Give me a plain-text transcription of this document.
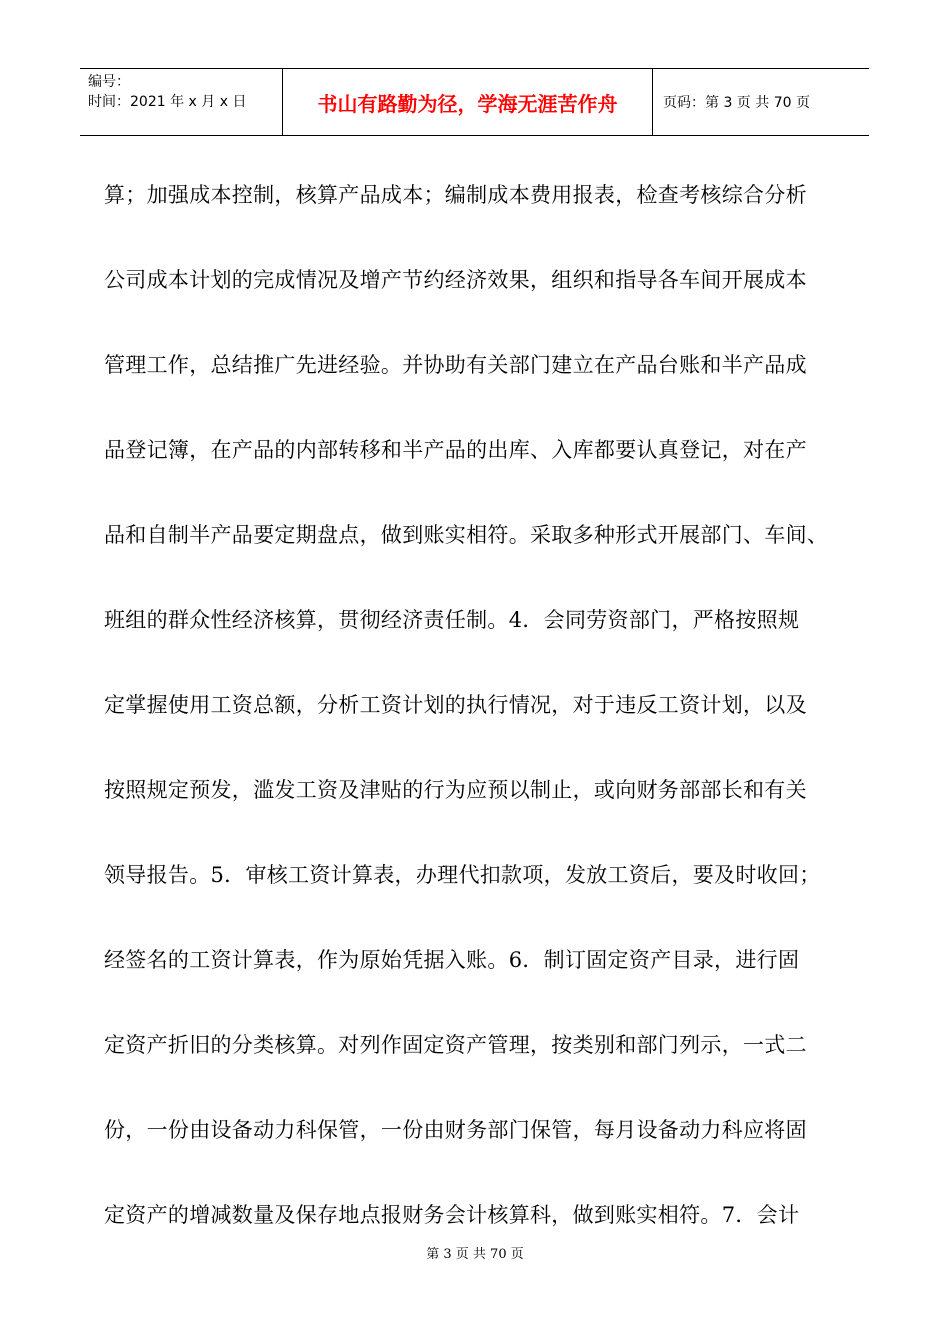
编号：
时间：2021 年 x 月 x 日	书山有路勤为径，学海无涯苦作舟	页码：第 3 页 共 70 页
算；加强成本控制，核算产品成本；编制成本费用报表，检查考核综合分析
公司成本计划的完成情况及增产节约经济效果，组织和指导各车间开展成本
管理工作，总结推广先进经验。并协助有关部门建立在产品台账和半产品成
品登记簿，在产品的内部转移和半产品的出库、入库都要认真登记，对在产
品和自制半产品要定期盘点，做到账实相符。采取多种形式开展部门、车间、
班组的群众性经济核算，贯彻经济责任制。4．会同劳资部门，严格按照规
定掌握使用工资总额，分析工资计划的执行情况，对于违反工资计划，以及
按照规定预发，滥发工资及津贴的行为应预以制止，或向财务部部长和有关
领导报告。5．审核工资计算表，办理代扣款项，发放工资后，要及时收回；
经签名的工资计算表，作为原始凭据入账。6．制订固定资产目录，进行固
定资产折旧的分类核算。对列作固定资产管理，按类别和部门列示，一式二
份，一份由设备动力科保管，一份由财务部门保管，每月设备动力科应将固
定资产的增减数量及保存地点报财务会计核算科，做到账实相符。7．会计
第 3 页 共 70 页
